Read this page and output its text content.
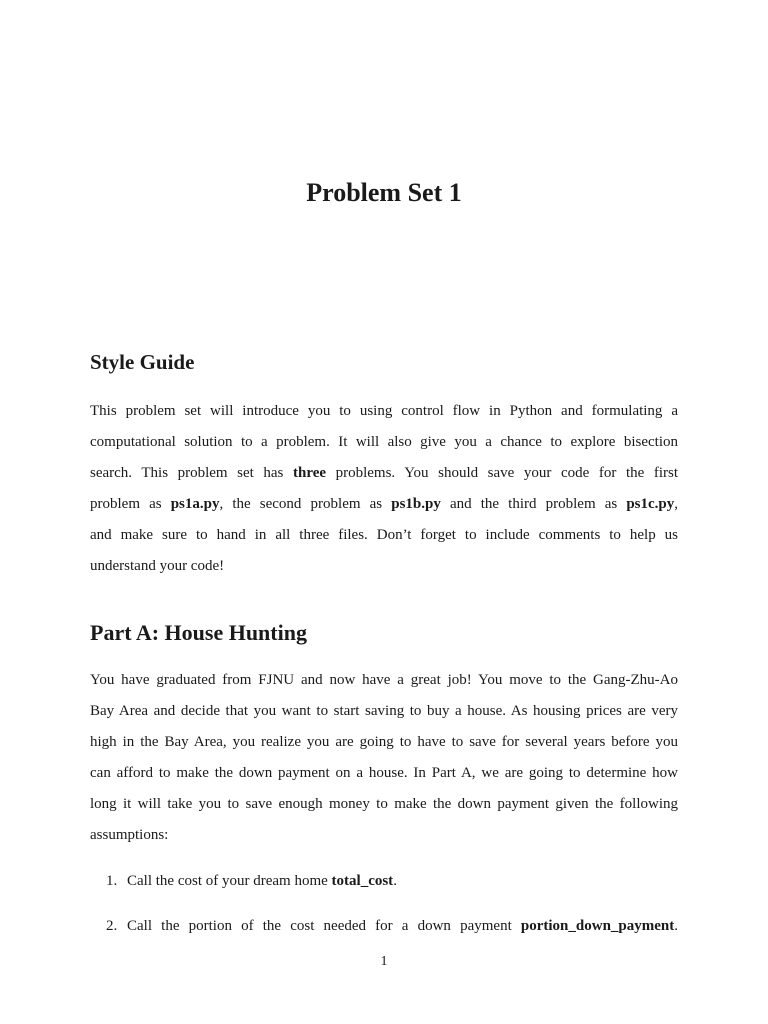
Problem Set 1
Style Guide
This problem set will introduce you to using control flow in Python and formulating a
computational solution to a problem. It will also give you a chance to explore bisection
search. This problem set has three problems. You should save your code for the first
problem as ps1a.py, the second problem as ps1b.py and the third problem as ps1c.py,
and make sure to hand in all three files. Don’t forget to include comments to help us
understand your code!
Part A: House Hunting
You have graduated from FJNU and now have a great job! You move to the Gang-Zhu-Ao
Bay Area and decide that you want to start saving to buy a house. As housing prices are very
high in the Bay Area, you realize you are going to have to save for several years before you
can afford to make the down payment on a house. In Part A, we are going to determine how
long it will take you to save enough money to make the down payment given the following
assumptions:
1. Call the cost of your dream home total_cost.
2. Call the portion of the cost needed for a down payment portion_down_payment.
1
